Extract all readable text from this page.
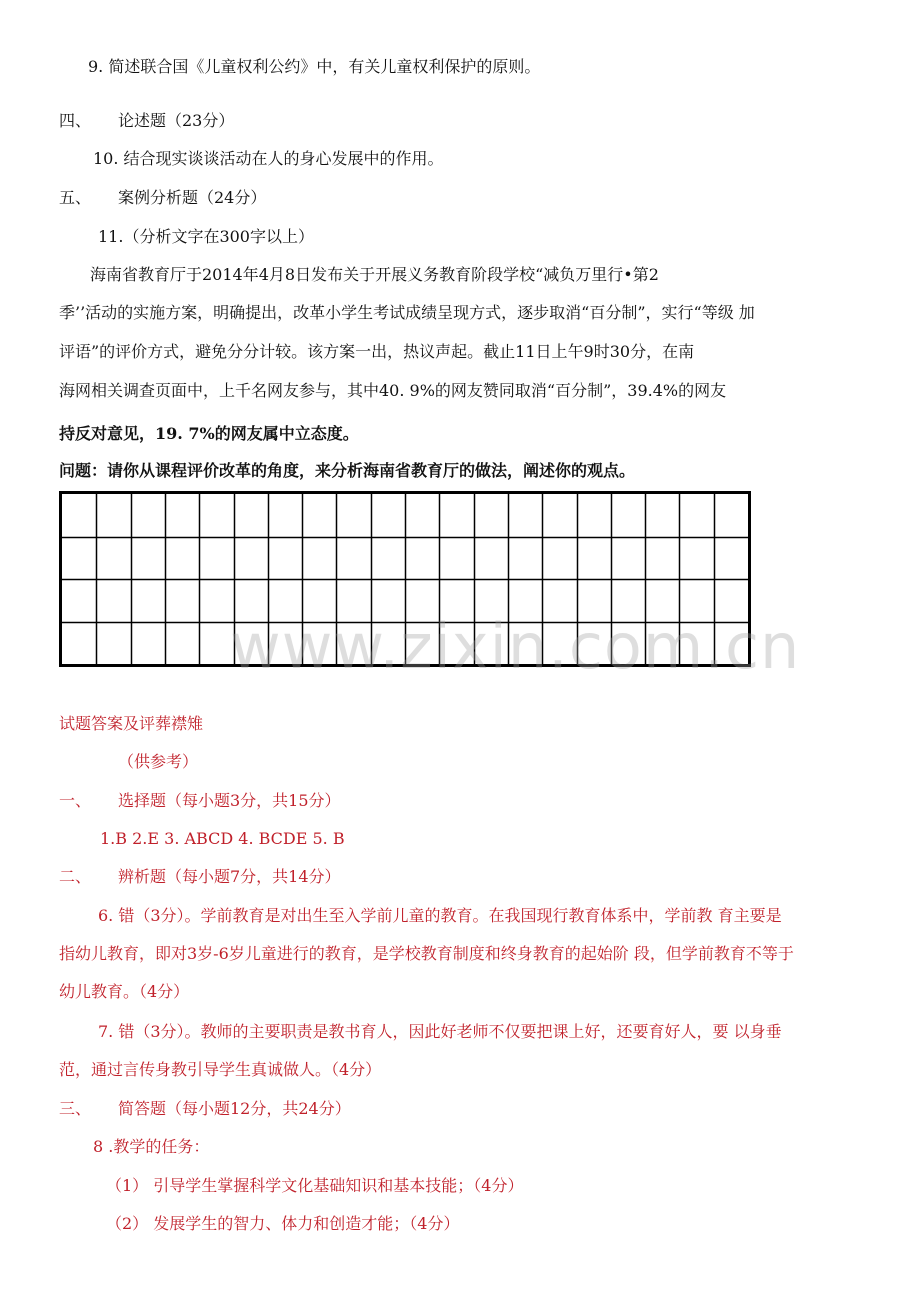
9. 简述联合国《儿童权利公约》中，有关儿童权利保护的原则。
四、 论述题（23分）
10. 结合现实谈谈活动在人的身心发展中的作用。
五、 案例分析题（24分）
11.（分析文字在300字以上）
海南省教育厅于2014年4月8日发布关于开展义务教育阶段学校“减负万里行•第2
季’’活动的实施方案，明确提出，改革小学生考试成绩呈现方式，逐步取消“百分制”，实行“等级 加
评语”的评价方式，避免分分计较。该方案一出，热议声起。截止11日上午9时30分，在南
海网相关调查页面中，上千名网友参与，其中40. 9%的网友赞同取消“百分制”，39.4%的网友
持反对意见，19. 7%的网友属中立态度。
问题：请你从课程评价改革的角度，来分析海南省教育厅的做法，阐述你的观点。
www.zixin.com.cn
试题答案及评葬襟雉
（供参考）
一、 选择题（每小题3分，共15分）
1.B 2.E 3. ABCD 4. BCDE 5. B
二、 辨析题（每小题7分，共14分）
6. 错（3分）。学前教育是对出生至入学前儿童的教育。在我国现行教育体系中，学前教 育主要是
指幼儿教育，即对3岁-6岁儿童进行的教育，是学校教育制度和终身教育的起始阶 段，但学前教育不等于
幼儿教育。（4分）
7. 错（3分）。教师的主要职责是教书育人，因此好老师不仅要把课上好，还要育好人，要 以身垂
范，通过言传身教引导学生真诚做人。（4分）
三、 简答题（每小题12分，共24分）
8 .教学的任务：
（1） 引导学生掌握科学文化基础知识和基本技能；（4分）
（2） 发展学生的智力、体力和创造才能；（4分）
